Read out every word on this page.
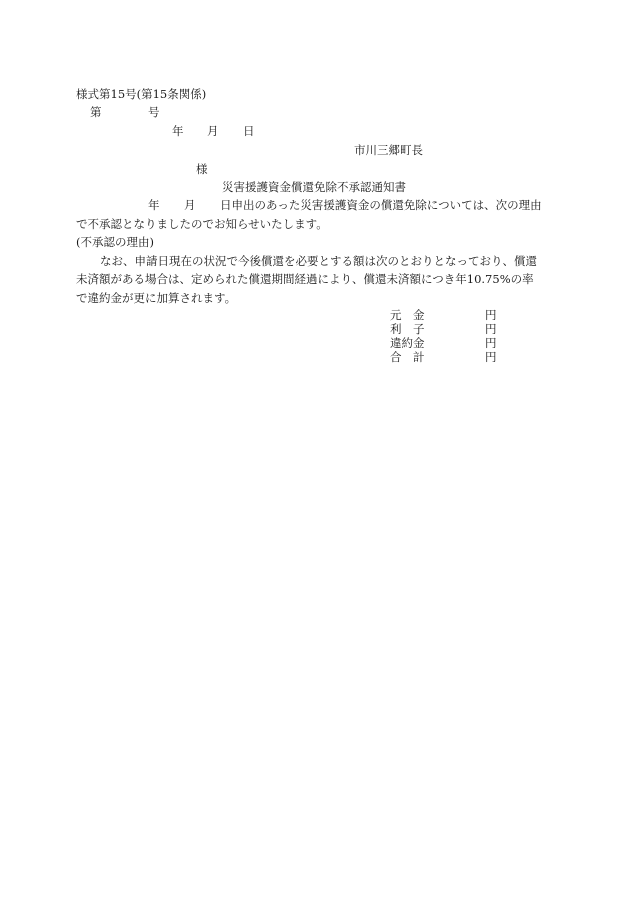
様式第15号(第15条関係)
第	号
年 月 日
市川三郷町長
様
災害援護資金償還免除不承認通知書
年 月 日申出のあった災害援護資金の償還免除については、次の理由
で不承認となりましたのでお知らせいたします。
(不承認の理由)
なお、申請日現在の状況で今後償還を必要とする額は次のとおりとなっており、償還
未済額がある場合は、定められた償還期間経過により、償還未済額につき年10.75%の率
で違約金が更に加算されます。
元　金	円
利　子	円
違約金	円
合　計	円
